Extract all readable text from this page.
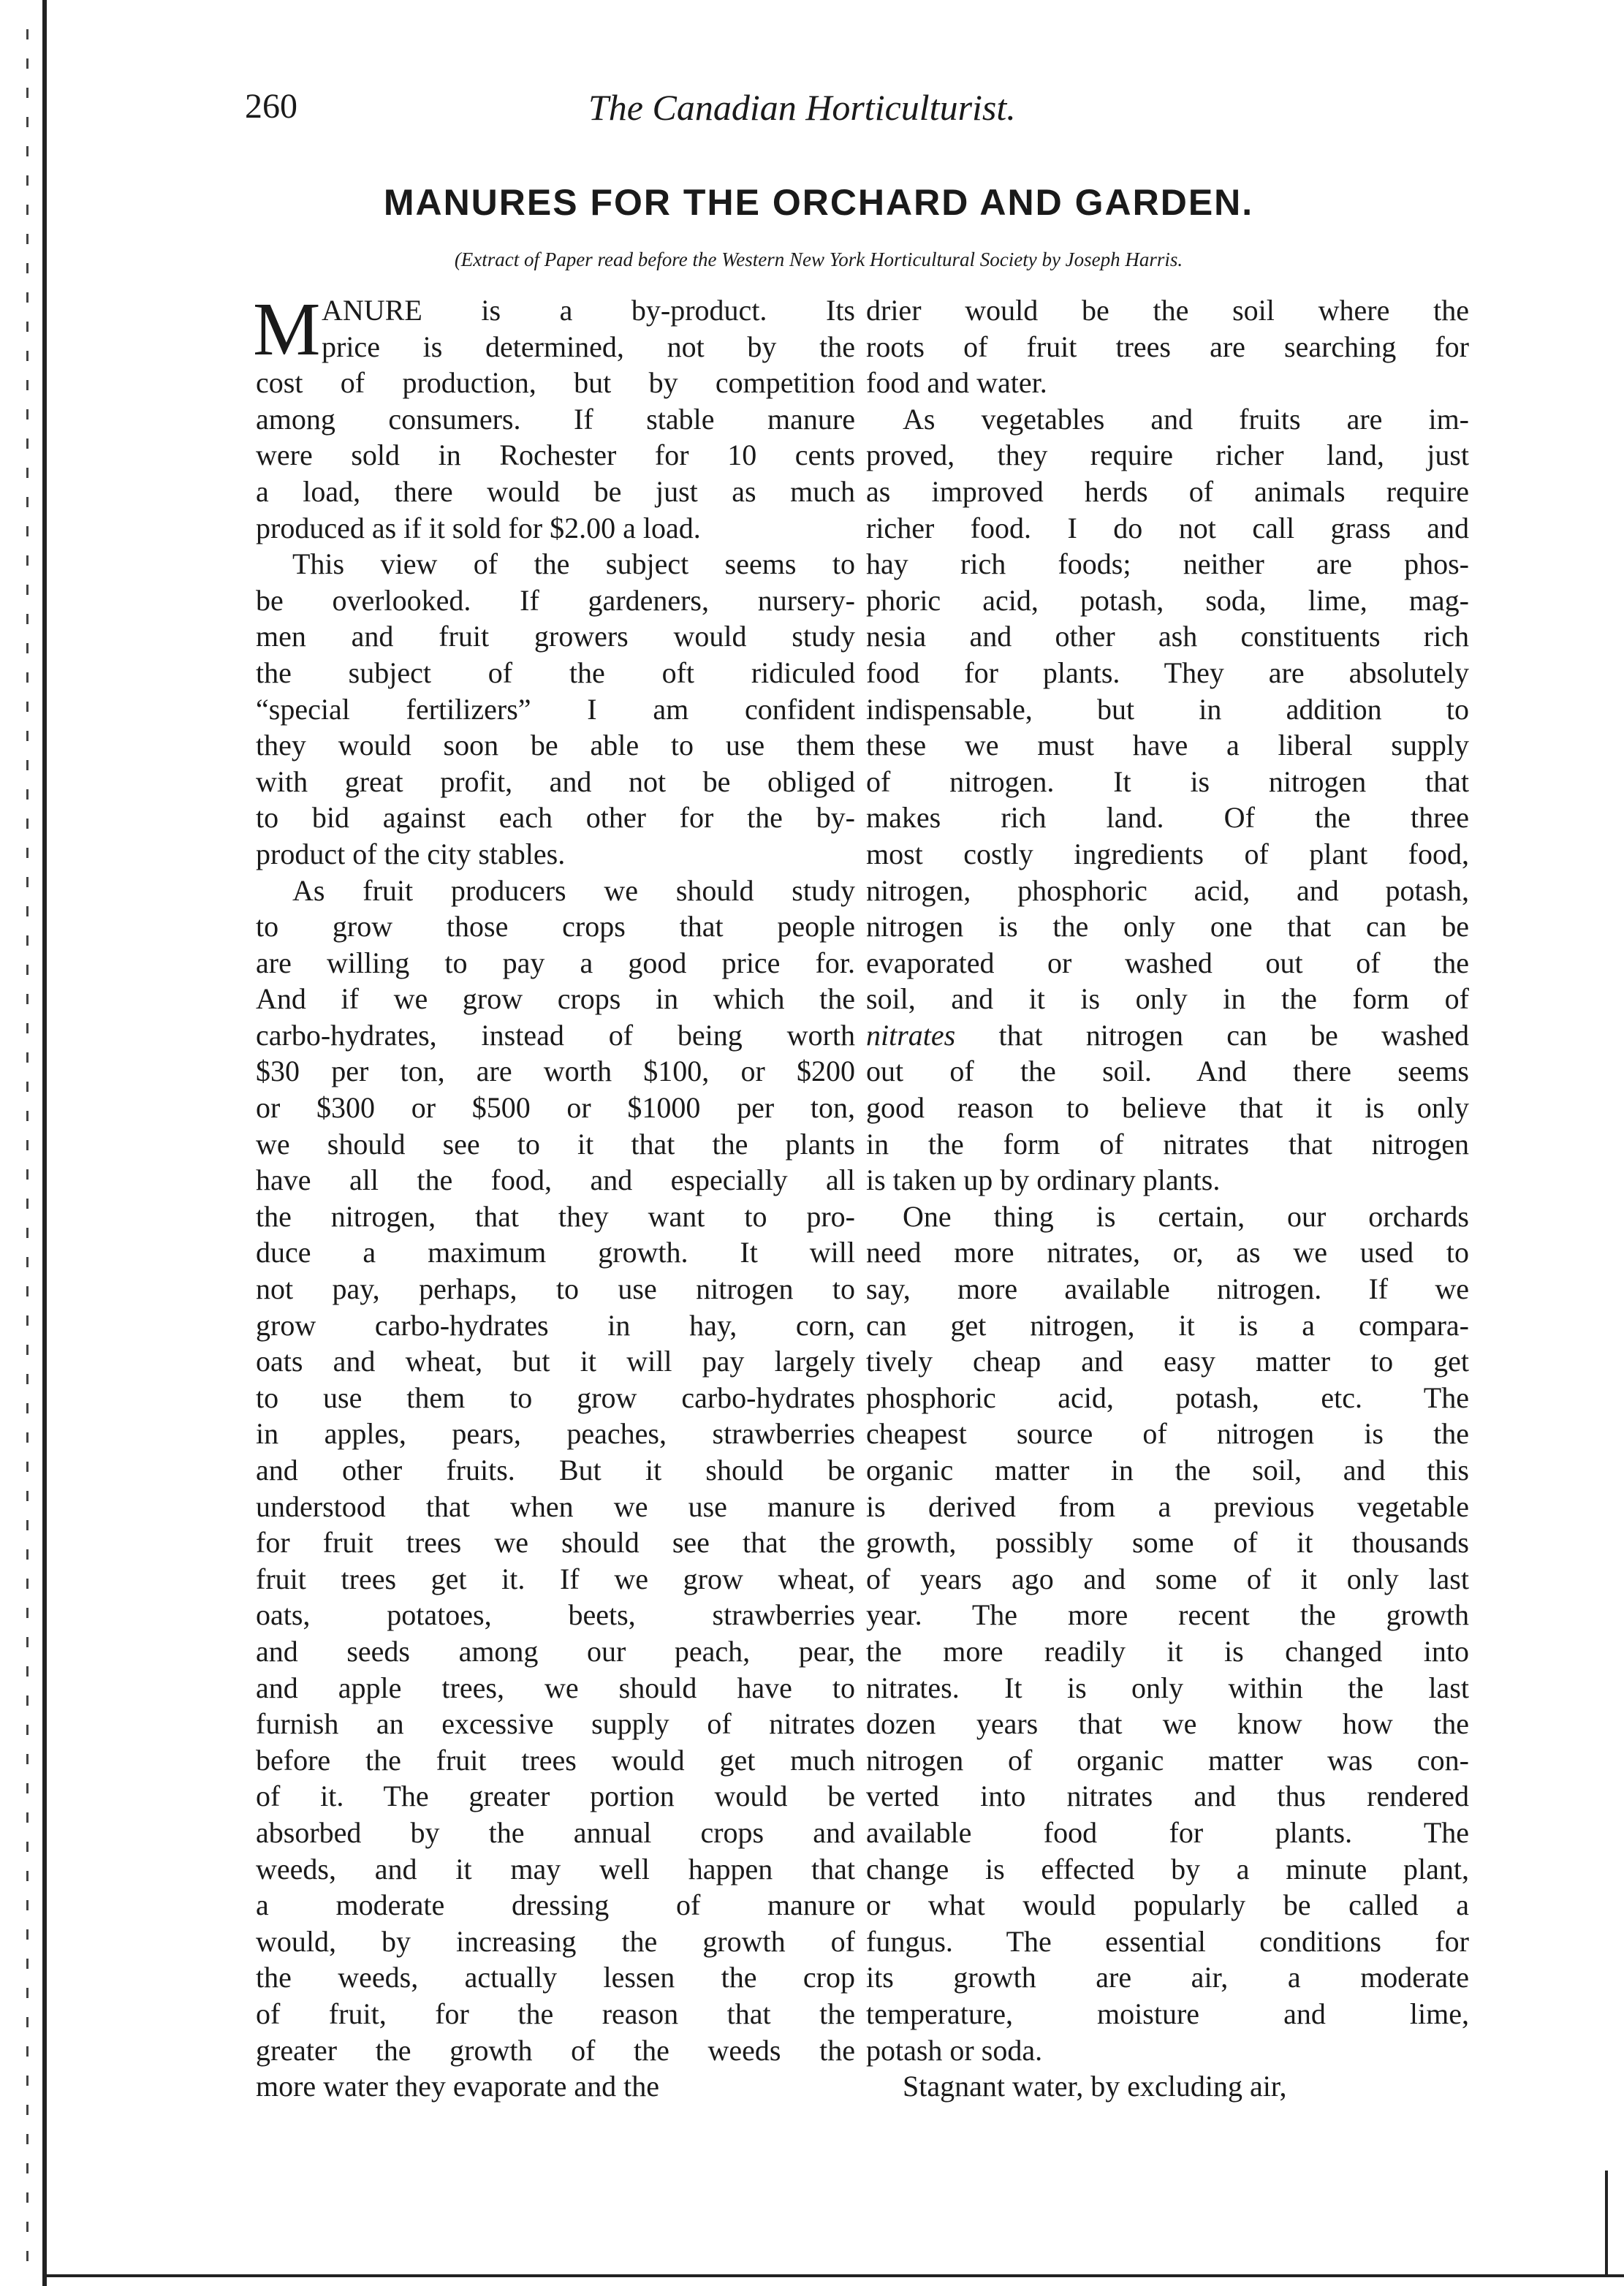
260	The Canadian Horticulturist.
MANURES FOR THE ORCHARD AND GARDEN.
(Extract of Paper read before the Western New York Horticultural Society by Joseph Harris.
M ANURE is a by-product. Its
price is determined, not by the
cost of production, but by competition
among consumers. If stable manure
were sold in Rochester for 10 cents
a load, there would be just as much
produced as if it sold for $2.00 a load.
This view of the subject seems to
be overlooked. If gardeners, nursery-
men and fruit growers would study
the subject of the oft ridiculed
“special fertilizers” I am confident
they would soon be able to use them
with great profit, and not be obliged
to bid against each other for the by-
product of the city stables.
As fruit producers we should study
to grow those crops that people
are willing to pay a good price for.
And if we grow crops in which the
carbo-hydrates, instead of being worth
$30 per ton, are worth $100, or $200
or $300 or $500 or $1000 per ton,
we should see to it that the plants
have all the food, and especially all
the nitrogen, that they want to pro-
duce a maximum growth. It will
not pay, perhaps, to use nitrogen to
grow carbo-hydrates in hay, corn,
oats and wheat, but it will pay largely
to use them to grow carbo-hydrates
in apples, pears, peaches, strawberries
and other fruits. But it should be
understood that when we use manure
for fruit trees we should see that the
fruit trees get it. If we grow wheat,
oats, potatoes, beets, strawberries
and seeds among our peach, pear,
and apple trees, we should have to
furnish an excessive supply of nitrates
before the fruit trees would get much
of it. The greater portion would be
absorbed by the annual crops and
weeds, and it may well happen that
a moderate dressing of manure
would, by increasing the growth of
the weeds, actually lessen the crop
of fruit, for the reason that the
greater the growth of the weeds the
more water they evaporate and the
drier would be the soil where the
roots of fruit trees are searching for
food and water.
As vegetables and fruits are im-
proved, they require richer land, just
as improved herds of animals require
richer food. I do not call grass and
hay rich foods; neither are phos-
phoric acid, potash, soda, lime, mag-
nesia and other ash constituents rich
food for plants. They are absolutely
indispensable, but in addition to
these we must have a liberal supply
of nitrogen. It is nitrogen that
makes rich land. Of the three
most costly ingredients of plant food,
nitrogen, phosphoric acid, and potash,
nitrogen is the only one that can be
evaporated or washed out of the
soil, and it is only in the form of
nitrates that nitrogen can be washed
out of the soil. And there seems
good reason to believe that it is only
in the form of nitrates that nitrogen
is taken up by ordinary plants.
One thing is certain, our orchards
need more nitrates, or, as we used to
say, more available nitrogen. If we
can get nitrogen, it is a compara-
tively cheap and easy matter to get
phosphoric acid, potash, etc. The
cheapest source of nitrogen is the
organic matter in the soil, and this
is derived from a previous vegetable
growth, possibly some of it thousands
of years ago and some of it only last
year. The more recent the growth
the more readily it is changed into
nitrates. It is only within the last
dozen years that we know how the
nitrogen of organic matter was con-
verted into nitrates and thus rendered
available food for plants. The
change is effected by a minute plant,
or what would popularly be called a
fungus. The essential conditions for
its growth are air, a moderate
temperature, moisture and lime,
potash or soda.
Stagnant water, by excluding air,
